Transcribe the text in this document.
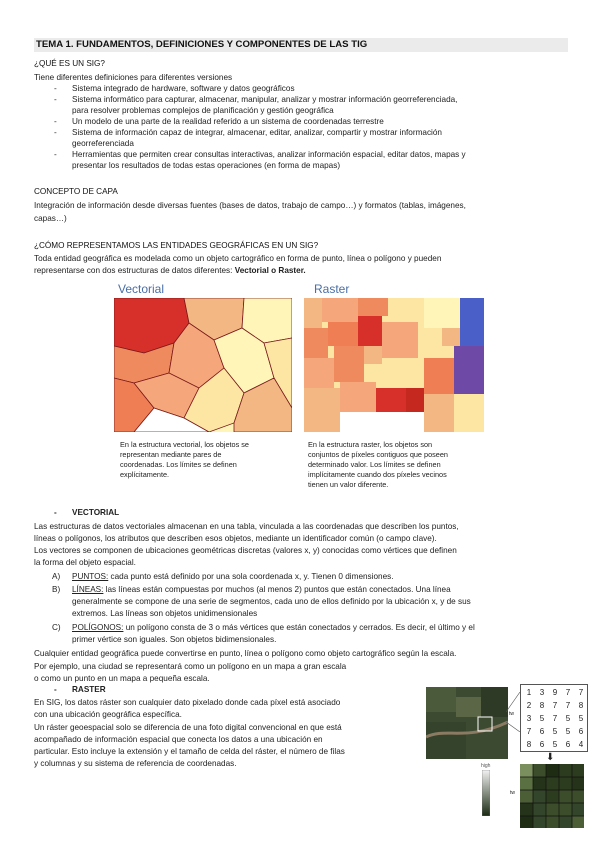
TEMA 1. FUNDAMENTOS, DEFINICIONES Y COMPONENTES DE LAS TIG
¿QUÉ ES UN SIG?
Tiene diferentes definiciones para diferentes versiones
- Sistema integrado de hardware, software y datos geográficos
- Sistema informático para capturar, almacenar, manipular, analizar y mostrar información georreferenciada,
para resolver problemas complejos de planificación y gestión geográfica
- Un modelo de una parte de la realidad referido a un sistema de coordenadas terrestre
- Sistema de información capaz de integrar, almacenar, editar, analizar, compartir y mostrar información
georreferenciada
- Herramientas que permiten crear consultas interactivas, analizar información espacial, editar datos, mapas y
presentar los resultados de todas estas operaciones (en forma de mapas)
CONCEPTO DE CAPA
Integración de información desde diversas fuentes (bases de datos, trabajo de campo…) y formatos (tablas, imágenes,
capas…)
¿CÓMO REPRESENTAMOS LAS ENTIDADES GEOGRÁFICAS EN UN SIG?
Toda entidad geográfica es modelada como un objeto cartográfico en forma de punto, línea o polígono y pueden
representarse con dos estructuras de datos diferentes: Vectorial o Raster.
Vectorial	Raster
En la estructura vectorial, los objetos se
representan mediante pares de
coordenadas. Los límites se definen
explícitamente.
En la estructura raster, los objetos son
conjuntos de píxeles contiguos que poseen
determinado valor. Los límites se definen
implícitamente cuando dos píxeles vecinos
tienen un valor diferente.
- VECTORIAL
Las estructuras de datos vectoriales almacenan en una tabla, vinculada a las coordenadas que describen los puntos,
líneas o polígonos, los atributos que describen esos objetos, mediante un identificador común (o campo clave).
Los vectores se componen de ubicaciones geométricas discretas (valores x, y) conocidas como vértices que definen
la forma del objeto espacial.
A) PUNTOS: cada punto está definido por una sola coordenada x, y. Tienen 0 dimensiones.
B) LÍNEAS: las líneas están compuestas por muchos (al menos 2) puntos que están conectados. Una línea
generalmente se compone de una serie de segmentos, cada uno de ellos definido por la ubicación x, y de sus
extremos. Las líneas son objetos unidimensionales
C) POLÍGONOS: un polígono consta de 3 o más vértices que están conectados y cerrados. Es decir, el último y el
primer vértice son iguales. Son objetos bidimensionales.
Cualquier entidad geográfica puede convertirse en punto, línea o polígono como objeto cartográfico según la escala.
Por ejemplo, una ciudad se representará como un polígono en un mapa a gran escala
o como un punto en un mapa a pequeña escala.
- RASTER
En SIG, los datos ráster son cualquier dato pixelado donde cada píxel está asociado
con una ubicación geográfica específica.
Un ráster geoespacial solo se diferencia de una foto digital convencional en que está
acompañado de información espacial que conecta los datos a una ubicación en
particular. Esto incluye la extensión y el tamaño de celda del ráster, el número de filas
y columnas y su sistema de referencia de coordenadas.
1	3	9	7	7
2	8	7	7	8
3	5	7	5	5
7	6	5	5	6
8	6	5	6	4
tw
⬇
high
tw
